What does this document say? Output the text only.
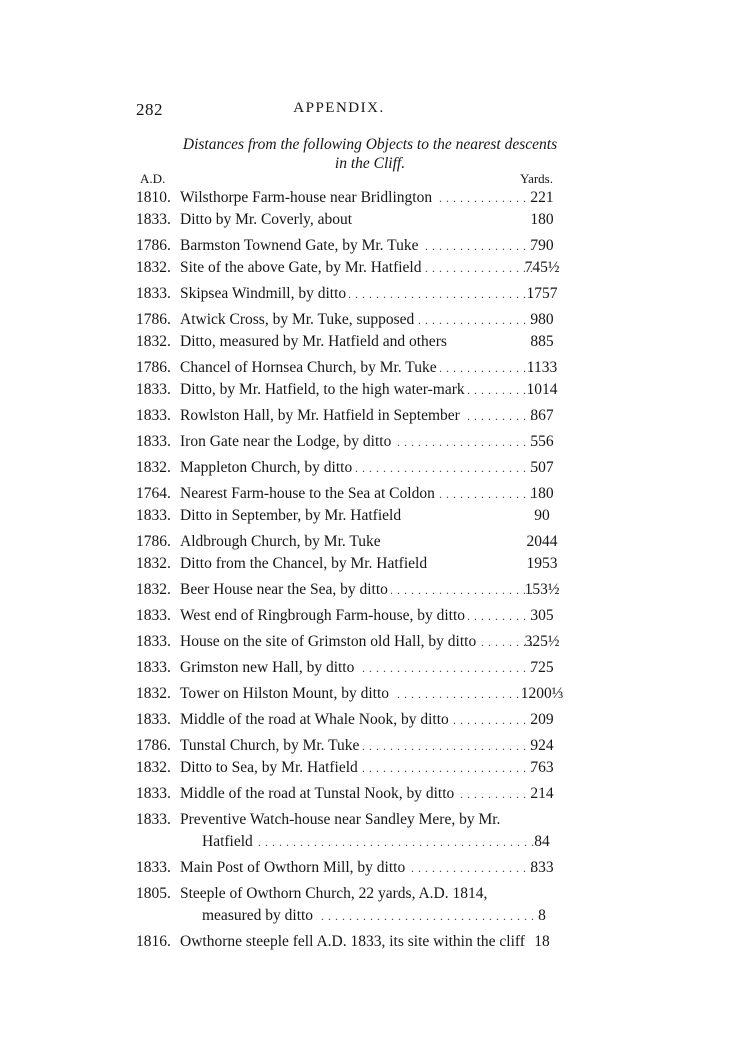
282	APPENDIX.
Distances from the following Objects to the nearest descents
in the Cliff.
A.D.	Yards.
1810. Wilsthorpe Farm-house near Bridlington . . .	221
1833. Ditto by Mr. Coverly, about	180
1786. Barmston Townend Gate, by Mr. Tuke . . .	790
1832. Site of the above Gate, by Mr. Hatfield . . .	745½
1833. Skipsea Windmill, by ditto . . .	1757
1786. Atwick Cross, by Mr. Tuke, supposed . . .	980
1832. Ditto, measured by Mr. Hatfield and others	885
1786. Chancel of Hornsea Church, by Mr. Tuke . . .	1133
1833. Ditto, by Mr. Hatfield, to the high water-mark . . .	1014
1833. Rowlston Hall, by Mr. Hatfield in September . . .	867
1833. Iron Gate near the Lodge, by ditto . . .	556
1832. Mappleton Church, by ditto . . .	507
1764. Nearest Farm-house to the Sea at Coldon . . .	180
1833. Ditto in September, by Mr. Hatfield	90
1786. Aldbrough Church, by Mr. Tuke	2044
1832. Ditto from the Chancel, by Mr. Hatfield	1953
1832. Beer House near the Sea, by ditto . . .	153½
1833. West end of Ringbrough Farm-house, by ditto . . .	305
1833. House on the site of Grimston old Hall, by ditto . . .	325½
1833. Grimston new Hall, by ditto . . .	725
1832. Tower on Hilston Mount, by ditto . . .	1200⅓
1833. Middle of the road at Whale Nook, by ditto . . .	209
1786. Tunstal Church, by Mr. Tuke . . .	924
1832. Ditto to Sea, by Mr. Hatfield . . .	763
1833. Middle of the road at Tunstal Nook, by ditto . . .	214
1833. Preventive Watch-house near Sandley Mere, by Mr.
Hatfield . . .	84
1833. Main Post of Owthorn Mill, by ditto . . .	833
1805. Steeple of Owthorn Church, 22 yards, A.D. 1814,
measured by ditto . . .	8
1816. Owthorne steeple fell A.D. 1833, its site within the cliff 18
